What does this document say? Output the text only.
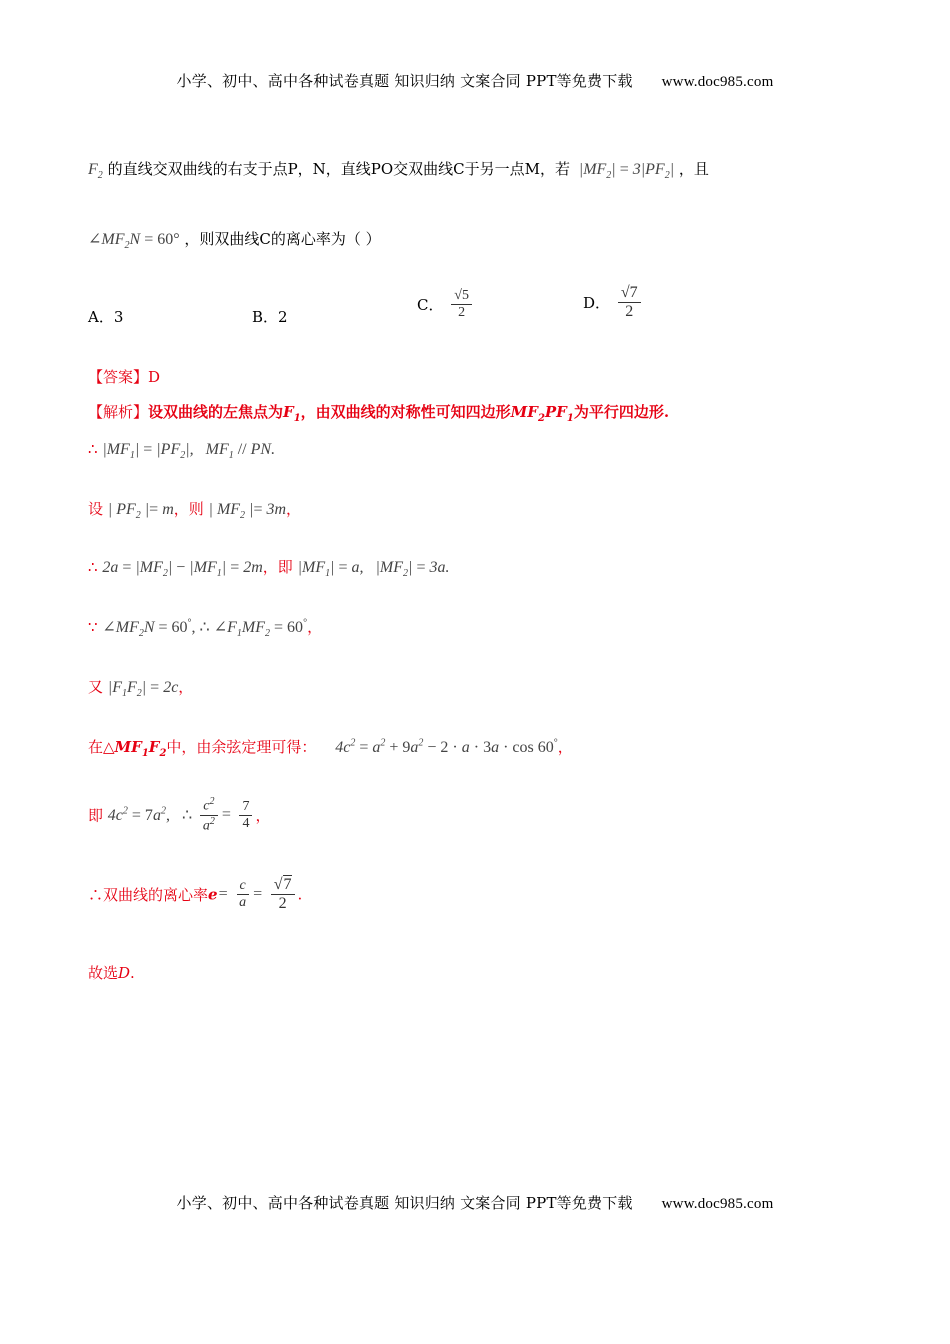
小学、初中、高中各种试卷真题 知识归纳 文案合同 PPT等免费下载 www.doc985.com
$F_2$ 的直线交双曲线的右支于点P，N，直线PO交双曲线C于另一点M，若 $|MF_2| = 3|PF_2|$ ，且
$\angle MF_2N = 60^\circ$ ，则双曲线C的离心率为（ ）
A．3	B．2
C． $\frac{√5}{2}$	D． $\frac{√7}{2}$
【答案】D
【解析】设双曲线的左焦点为$F_1$，由双曲线的对称性可知四边形$MF_2PF_1$为平行四边形.
∴ $|MF_1| = |PF_2|$,   $MF_1$ // PN.
设 | $PF_2$ |= m，则 | $MF_2$ |= 3m，
∴ $2a = |MF_2| - |MF_1| = 2m$，即 $|MF_1| = a$,   $|MF_2| = 3a$.
∵ $\angle MF_2N = 60^\circ$, ∴ $\angle F_1MF_2 = 60^\circ$，
又 $|F_1F_2| = 2c$，
在$\triangle MF_1F_2$中，由余弦定理可得： $4c^2 = a^2 + 9a^2 - 2 \cdot a \cdot 3a \cdot \cos 60^\circ$，
即 $4c^2 = 7a^2$, ∴ $\frac{c^2}{a^2} = \frac{7}{4}$ ，
∴双曲线的离心率$e= \frac{c}{a} = \frac{√7}{2}$ .
故选D.
小学、初中、高中各种试卷真题 知识归纳 文案合同 PPT等免费下载 www.doc985.com
